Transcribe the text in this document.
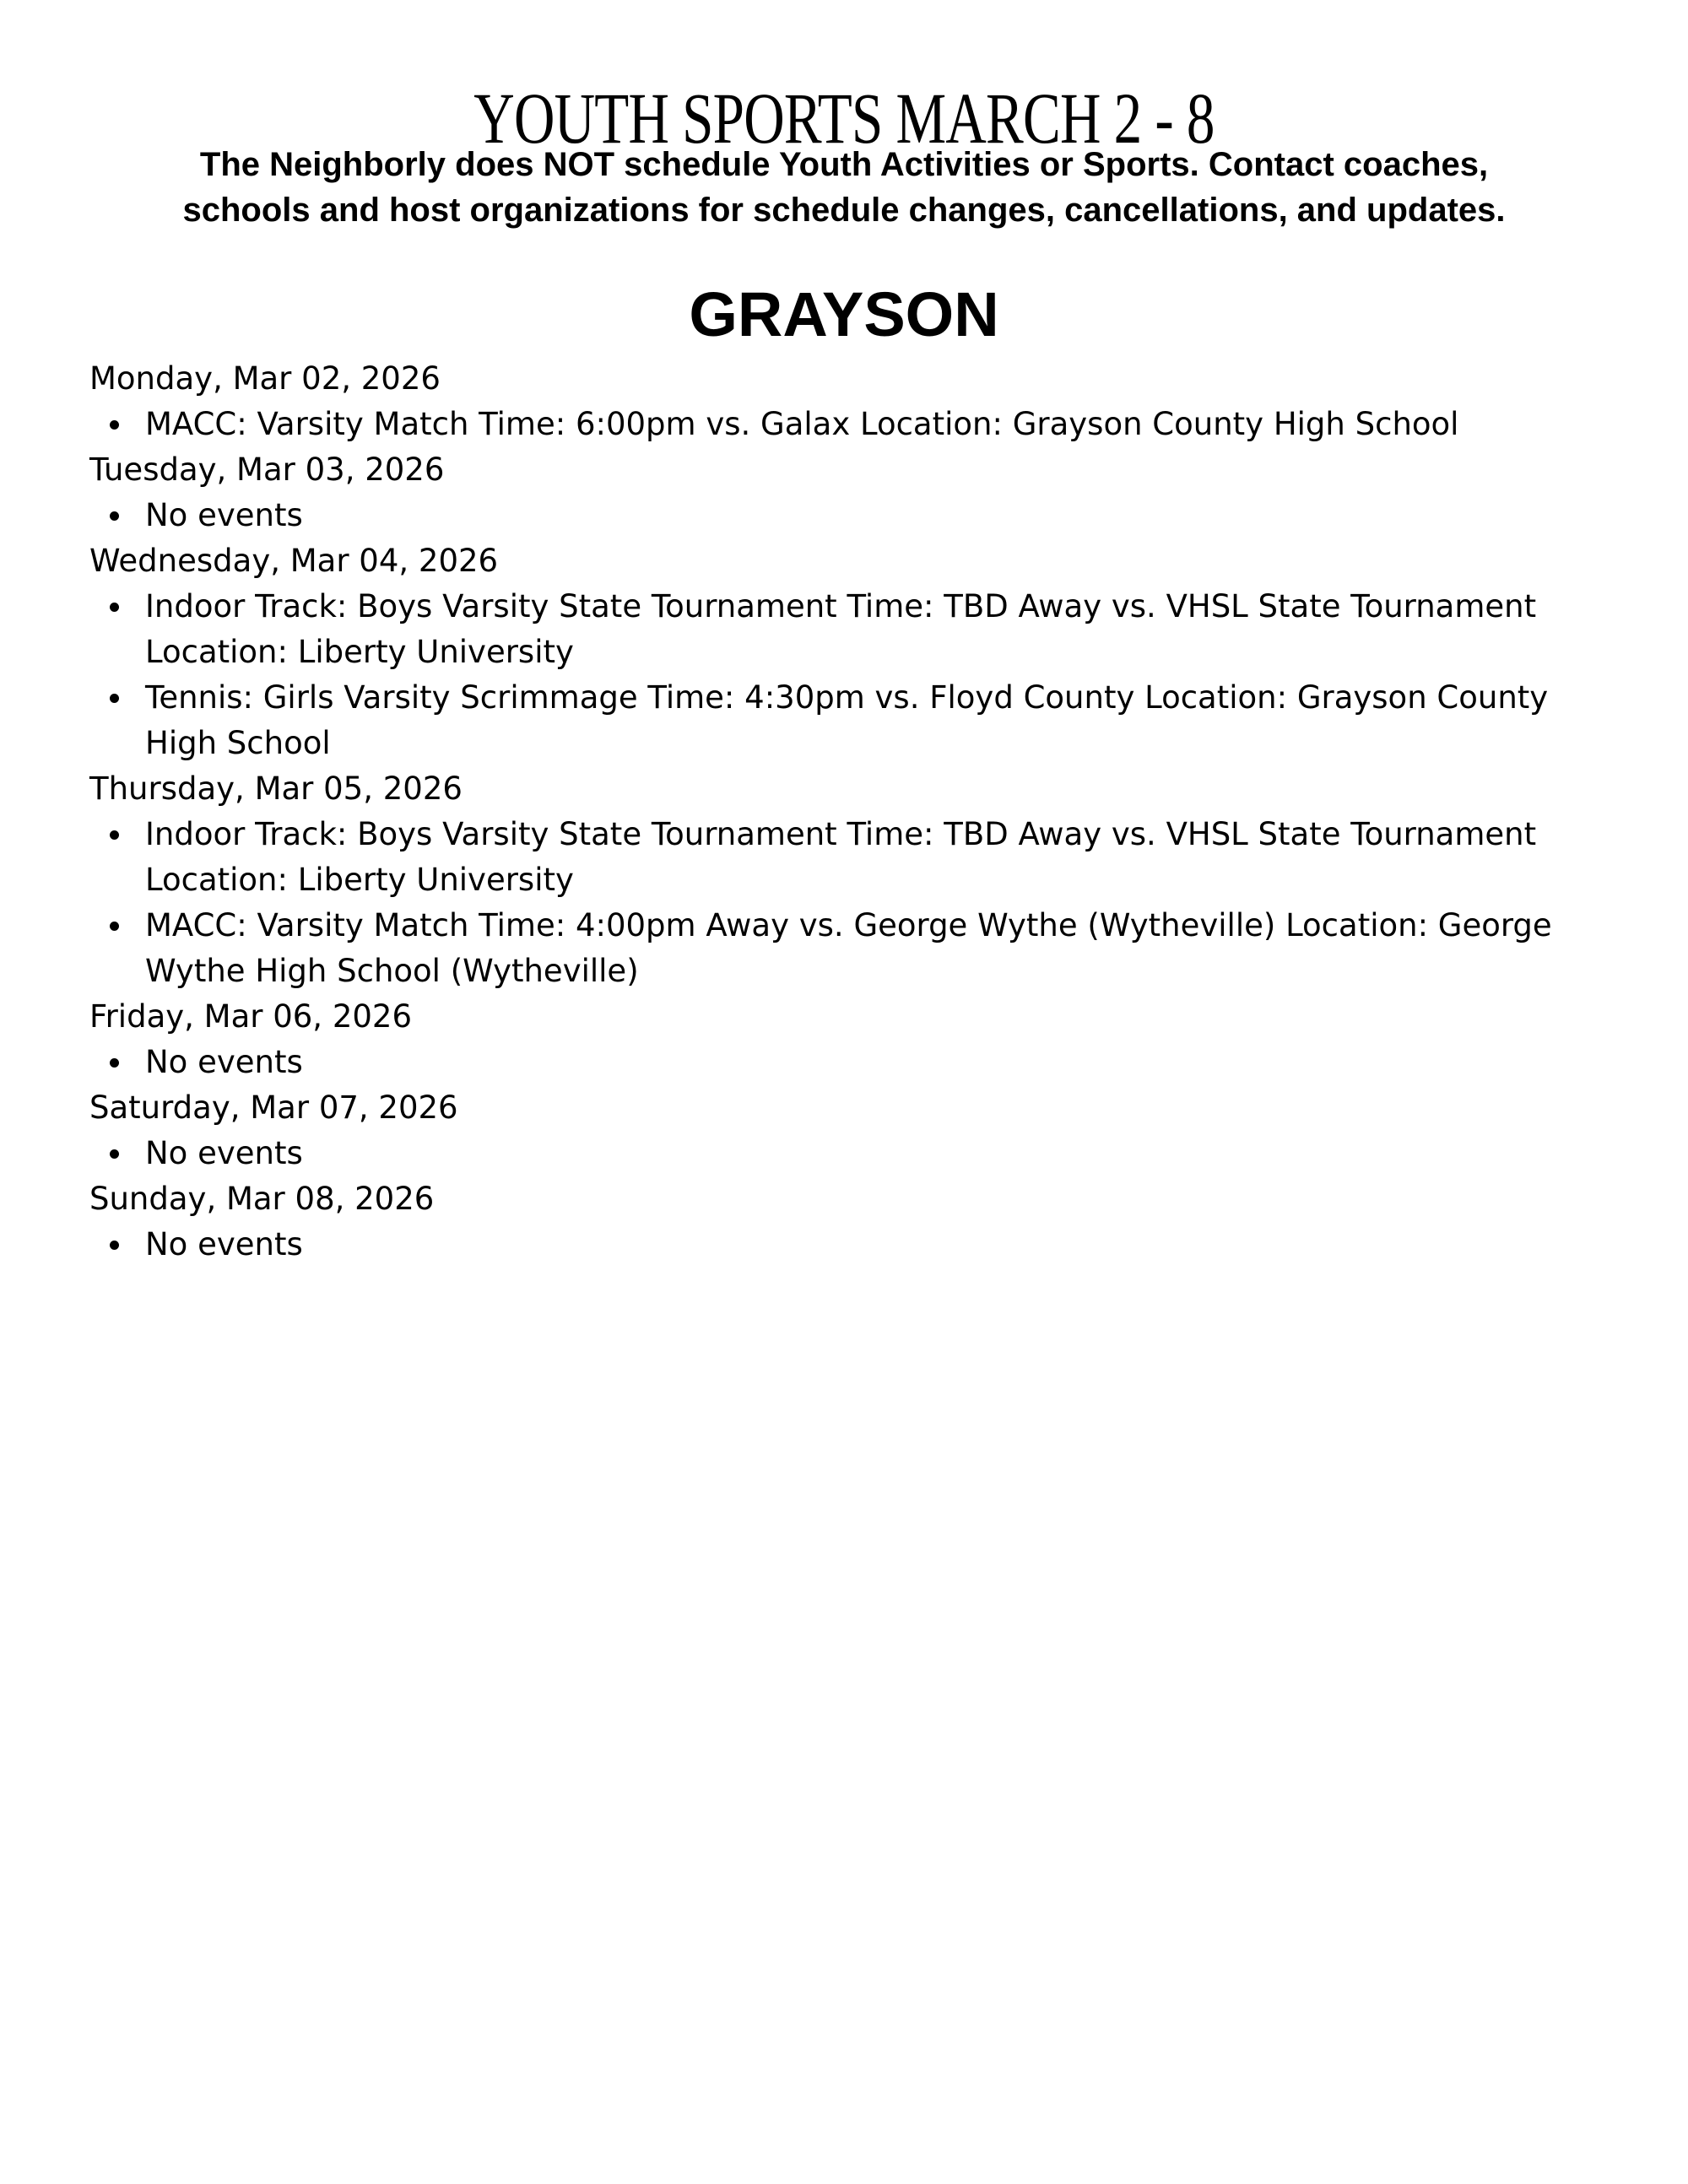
YOUTH SPORTS MARCH 2 - 8
The Neighborly does NOT schedule Youth Activities or Sports. Contact coaches,
schools and host organizations for schedule changes, cancellations, and updates.
GRAYSON
Monday, Mar 02, 2026
MACC: Varsity Match Time: 6:00pm vs. Galax Location: Grayson County High School
Tuesday, Mar 03, 2026
No events
Wednesday, Mar 04, 2026
Indoor Track: Boys Varsity State Tournament Time: TBD Away vs. VHSL State Tournament Location: Liberty University
Tennis: Girls Varsity Scrimmage Time: 4:30pm vs. Floyd County Location: Grayson County High School
Thursday, Mar 05, 2026
Indoor Track: Boys Varsity State Tournament Time: TBD Away vs. VHSL State Tournament Location: Liberty University
MACC: Varsity Match Time: 4:00pm Away vs. George Wythe (Wytheville) Location: George Wythe High School (Wytheville)
Friday, Mar 06, 2026
No events
Saturday, Mar 07, 2026
No events
Sunday, Mar 08, 2026
No events
